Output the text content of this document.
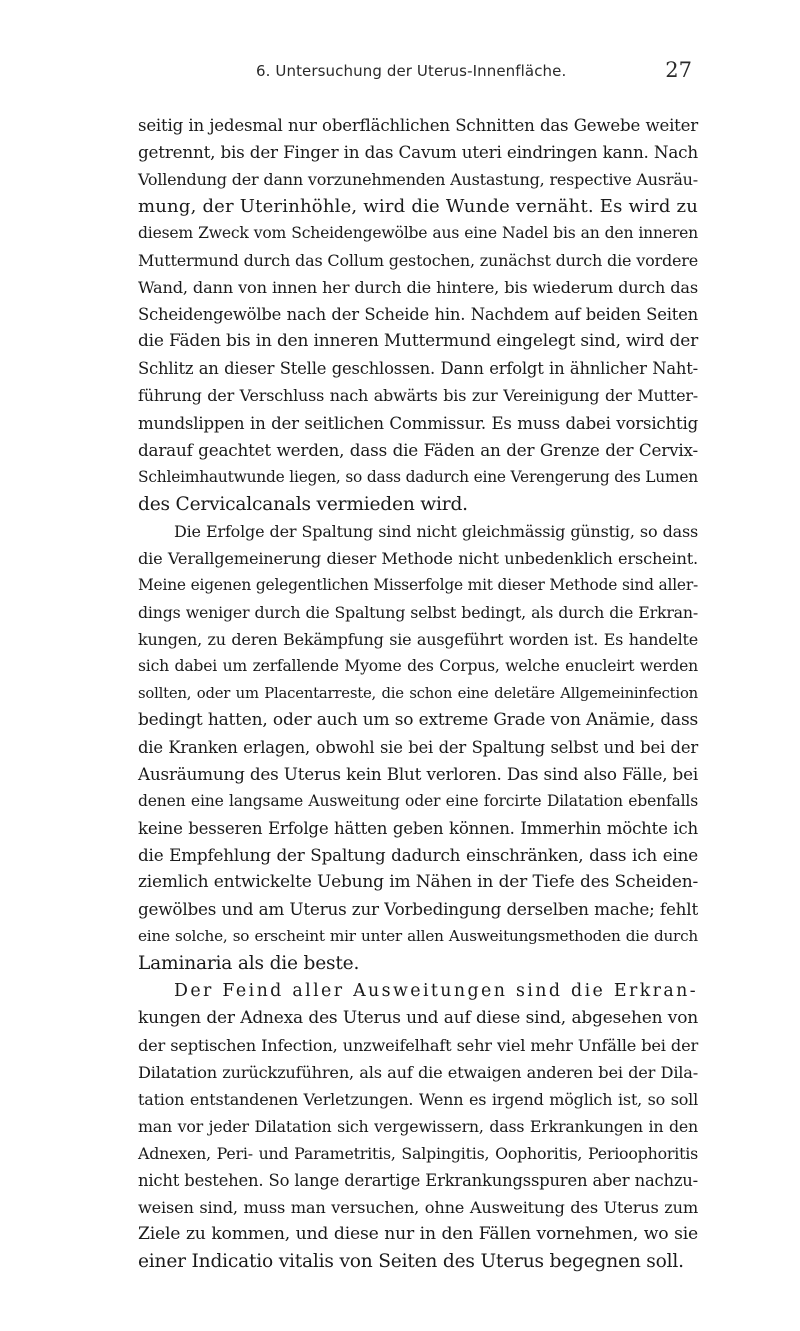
6. Untersuchung der Uterus-Innenfläche.	27
seitig in jedesmal nur oberflächlichen Schnitten das Gewebe weiter
getrennt, bis der Finger in das Cavum uteri eindringen kann. Nach
Vollendung der dann vorzunehmenden Austastung, respective Ausräu-
mung, der Uterinhöhle, wird die Wunde vernäht. Es wird zu
diesem Zweck vom Scheidengewölbe aus eine Nadel bis an den inneren
Muttermund durch das Collum gestochen, zunächst durch die vordere
Wand, dann von innen her durch die hintere, bis wiederum durch das
Scheidengewölbe nach der Scheide hin. Nachdem auf beiden Seiten
die Fäden bis in den inneren Muttermund eingelegt sind, wird der
Schlitz an dieser Stelle geschlossen. Dann erfolgt in ähnlicher Naht-
führung der Verschluss nach abwärts bis zur Vereinigung der Mutter-
mundslippen in der seitlichen Commissur. Es muss dabei vorsichtig
darauf geachtet werden, dass die Fäden an der Grenze der Cervix-
Schleimhautwunde liegen, so dass dadurch eine Verengerung des Lumen
des Cervicalcanals vermieden wird.
Die Erfolge der Spaltung sind nicht gleichmässig günstig, so dass
die Verallgemeinerung dieser Methode nicht unbedenklich erscheint.
Meine eigenen gelegentlichen Misserfolge mit dieser Methode sind aller-
dings weniger durch die Spaltung selbst bedingt, als durch die Erkran-
kungen, zu deren Bekämpfung sie ausgeführt worden ist. Es handelte
sich dabei um zerfallende Myome des Corpus, welche enucleirt werden
sollten, oder um Placentarreste, die schon eine deletäre Allgemeininfection
bedingt hatten, oder auch um so extreme Grade von Anämie, dass
die Kranken erlagen, obwohl sie bei der Spaltung selbst und bei der
Ausräumung des Uterus kein Blut verloren. Das sind also Fälle, bei
denen eine langsame Ausweitung oder eine forcirte Dilatation ebenfalls
keine besseren Erfolge hätten geben können. Immerhin möchte ich
die Empfehlung der Spaltung dadurch einschränken, dass ich eine
ziemlich entwickelte Uebung im Nähen in der Tiefe des Scheiden-
gewölbes und am Uterus zur Vorbedingung derselben mache; fehlt
eine solche, so erscheint mir unter allen Ausweitungsmethoden die durch
Laminaria als die beste.
Der Feind aller Ausweitungen sind die Erkran-
kungen der Adnexa des Uterus und auf diese sind, abgesehen von
der septischen Infection, unzweifelhaft sehr viel mehr Unfälle bei der
Dilatation zurückzuführen, als auf die etwaigen anderen bei der Dila-
tation entstandenen Verletzungen. Wenn es irgend möglich ist, so soll
man vor jeder Dilatation sich vergewissern, dass Erkrankungen in den
Adnexen, Peri- und Parametritis, Salpingitis, Oophoritis, Perioophoritis
nicht bestehen. So lange derartige Erkrankungsspuren aber nachzu-
weisen sind, muss man versuchen, ohne Ausweitung des Uterus zum
Ziele zu kommen, und diese nur in den Fällen vornehmen, wo sie
einer Indicatio vitalis von Seiten des Uterus begegnen soll.
